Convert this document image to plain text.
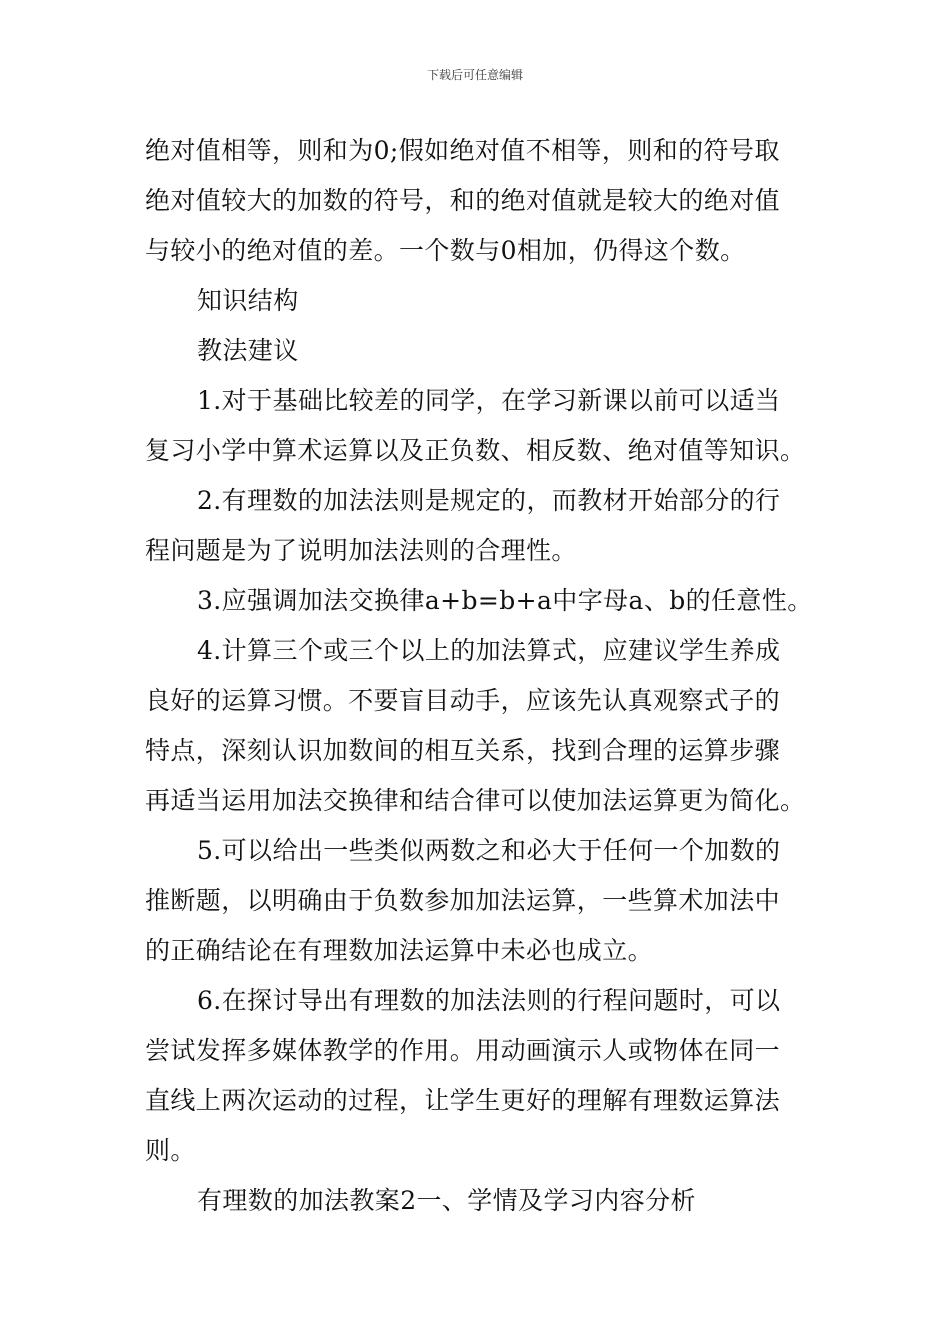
下载后可任意编辑
绝对值相等，则和为0;假如绝对值不相等，则和的符号取
绝对值较大的加数的符号，和的绝对值就是较大的绝对值
与较小的绝对值的差。一个数与0相加，仍得这个数。
知识结构
教法建议
1.对于基础比较差的同学，在学习新课以前可以适当
复习小学中算术运算以及正负数、相反数、绝对值等知识。
2.有理数的加法法则是规定的，而教材开始部分的行
程问题是为了说明加法法则的合理性。
3.应强调加法交换律a+b=b+a中字母a、b的任意性。
4.计算三个或三个以上的加法算式，应建议学生养成
良好的运算习惯。不要盲目动手，应该先认真观察式子的
特点，深刻认识加数间的相互关系，找到合理的运算步骤
再适当运用加法交换律和结合律可以使加法运算更为简化。
5.可以给出一些类似两数之和必大于任何一个加数的
推断题，以明确由于负数参加加法运算，一些算术加法中
的正确结论在有理数加法运算中未必也成立。
6.在探讨导出有理数的加法法则的行程问题时，可以
尝试发挥多媒体教学的作用。用动画演示人或物体在同一
直线上两次运动的过程，让学生更好的理解有理数运算法
则。
有理数的加法教案2一、学情及学习内容分析
